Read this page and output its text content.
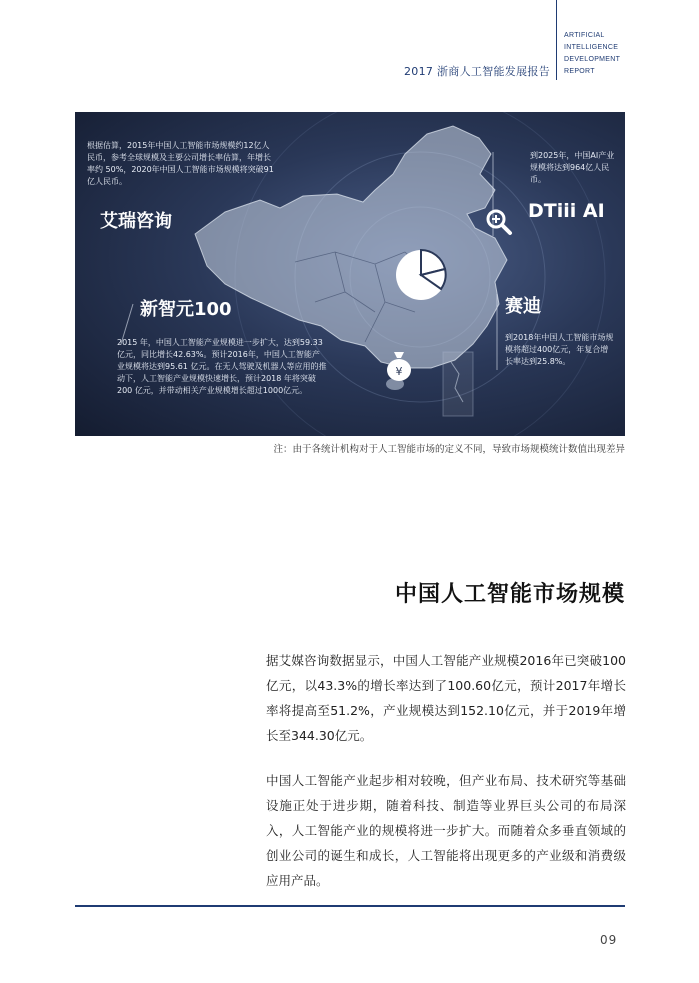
2017 浙商人工智能发展报告
ARTIFICIAL
INTELLIGENCE
DEVELOPMENT
REPORT
¥
根据估算，2015年中国人工智能市场规模约12亿人民币，参考全球规模及主要公司增长率估算，年增长率约 50%，2020年中国人工智能市场规模将突破91亿人民币。
到2025年，中国AI产业规模将达到964亿人民币。
2015 年，中国人工智能产业规模进一步扩大，达到59.33 亿元，同比增长42.63%。预计2016年，中国人工智能产业规模将达到95.61 亿元。在无人驾驶及机器人等应用的推动下，人工智能产业规模快速增长，预计2018 年将突破200 亿元，并带动相关产业规模增长超过1000亿元。
到2018年中国人工智能市场规模将超过400亿元，年复合增长率达到25.8%。
艾瑞咨询	DTiii AI
新智元100	赛迪
注：由于各统计机构对于人工智能市场的定义不同，导致市场规模统计数值出现差异
中国人工智能市场规模
据艾媒咨询数据显示，中国人工智能产业规模2016年已突破100亿元，以43.3%的增长率达到了100.60亿元，预计2017年增长率将提高至51.2%，产业规模达到152.10亿元，并于2019年增长至344.30亿元。
中国人工智能产业起步相对较晚，但产业布局、技术研究等基础设施正处于进步期，随着科技、制造等业界巨头公司的布局深入，人工智能产业的规模将进一步扩大。而随着众多垂直领域的创业公司的诞生和成长，人工智能将出现更多的产业级和消费级应用产品。
09
